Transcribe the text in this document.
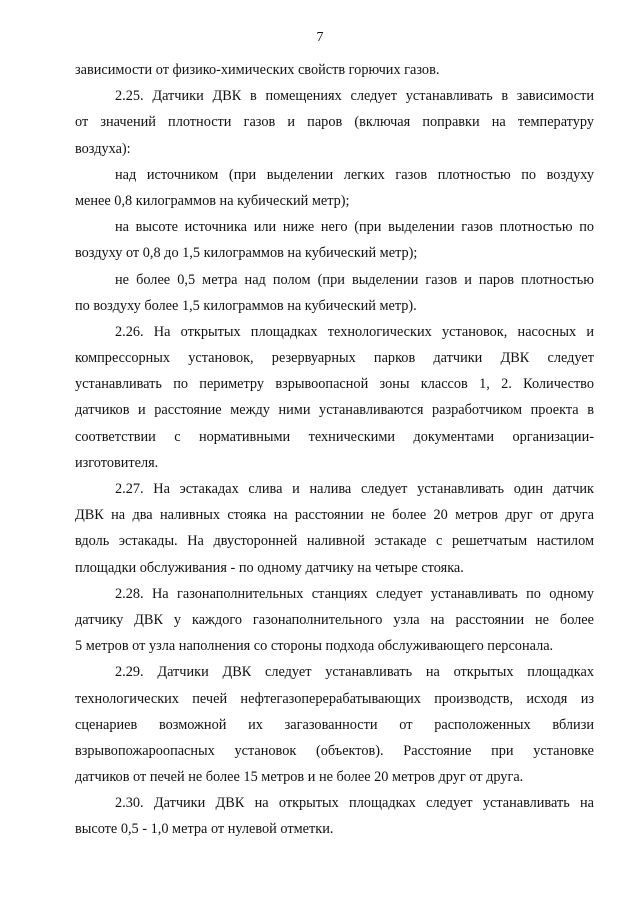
7
зависимости от физико-химических свойств горючих газов.
2.25. Датчики ДВК в помещениях следует устанавливать в зависимости
от значений плотности газов и паров (включая поправки на температуру
воздуха):
над источником (при выделении легких газов плотностью по воздуху
менее 0,8 килограммов на кубический метр);
на высоте источника или ниже него (при выделении газов плотностью по
воздуху от 0,8 до 1,5 килограммов на кубический метр);
не более 0,5 метра над полом (при выделении газов и паров плотностью
по воздуху более 1,5 килограммов на кубический метр).
2.26. На открытых площадках технологических установок, насосных и
компрессорных установок, резервуарных парков датчики ДВК следует
устанавливать по периметру взрывоопасной зоны классов 1, 2. Количество
датчиков и расстояние между ними устанавливаются разработчиком проекта в
соответствии с нормативными техническими документами организации-
изготовителя.
2.27. На эстакадах слива и налива следует устанавливать один датчик
ДВК на два наливных стояка на расстоянии не более 20 метров друг от друга
вдоль эстакады. На двусторонней наливной эстакаде с решетчатым настилом
площадки обслуживания - по одному датчику на четыре стояка.
2.28. На газонаполнительных станциях следует устанавливать по одному
датчику ДВК у каждого газонаполнительного узла на расстоянии не более
5 метров от узла наполнения со стороны подхода обслуживающего персонала.
2.29. Датчики ДВК следует устанавливать на открытых площадках
технологических печей нефтегазоперерабатывающих производств, исходя из
сценариев возможной их загазованности от расположенных вблизи
взрывопожароопасных установок (объектов). Расстояние при установке
датчиков от печей не более 15 метров и не более 20 метров друг от друга.
2.30. Датчики ДВК на открытых площадках следует устанавливать на
высоте 0,5 - 1,0 метра от нулевой отметки.
